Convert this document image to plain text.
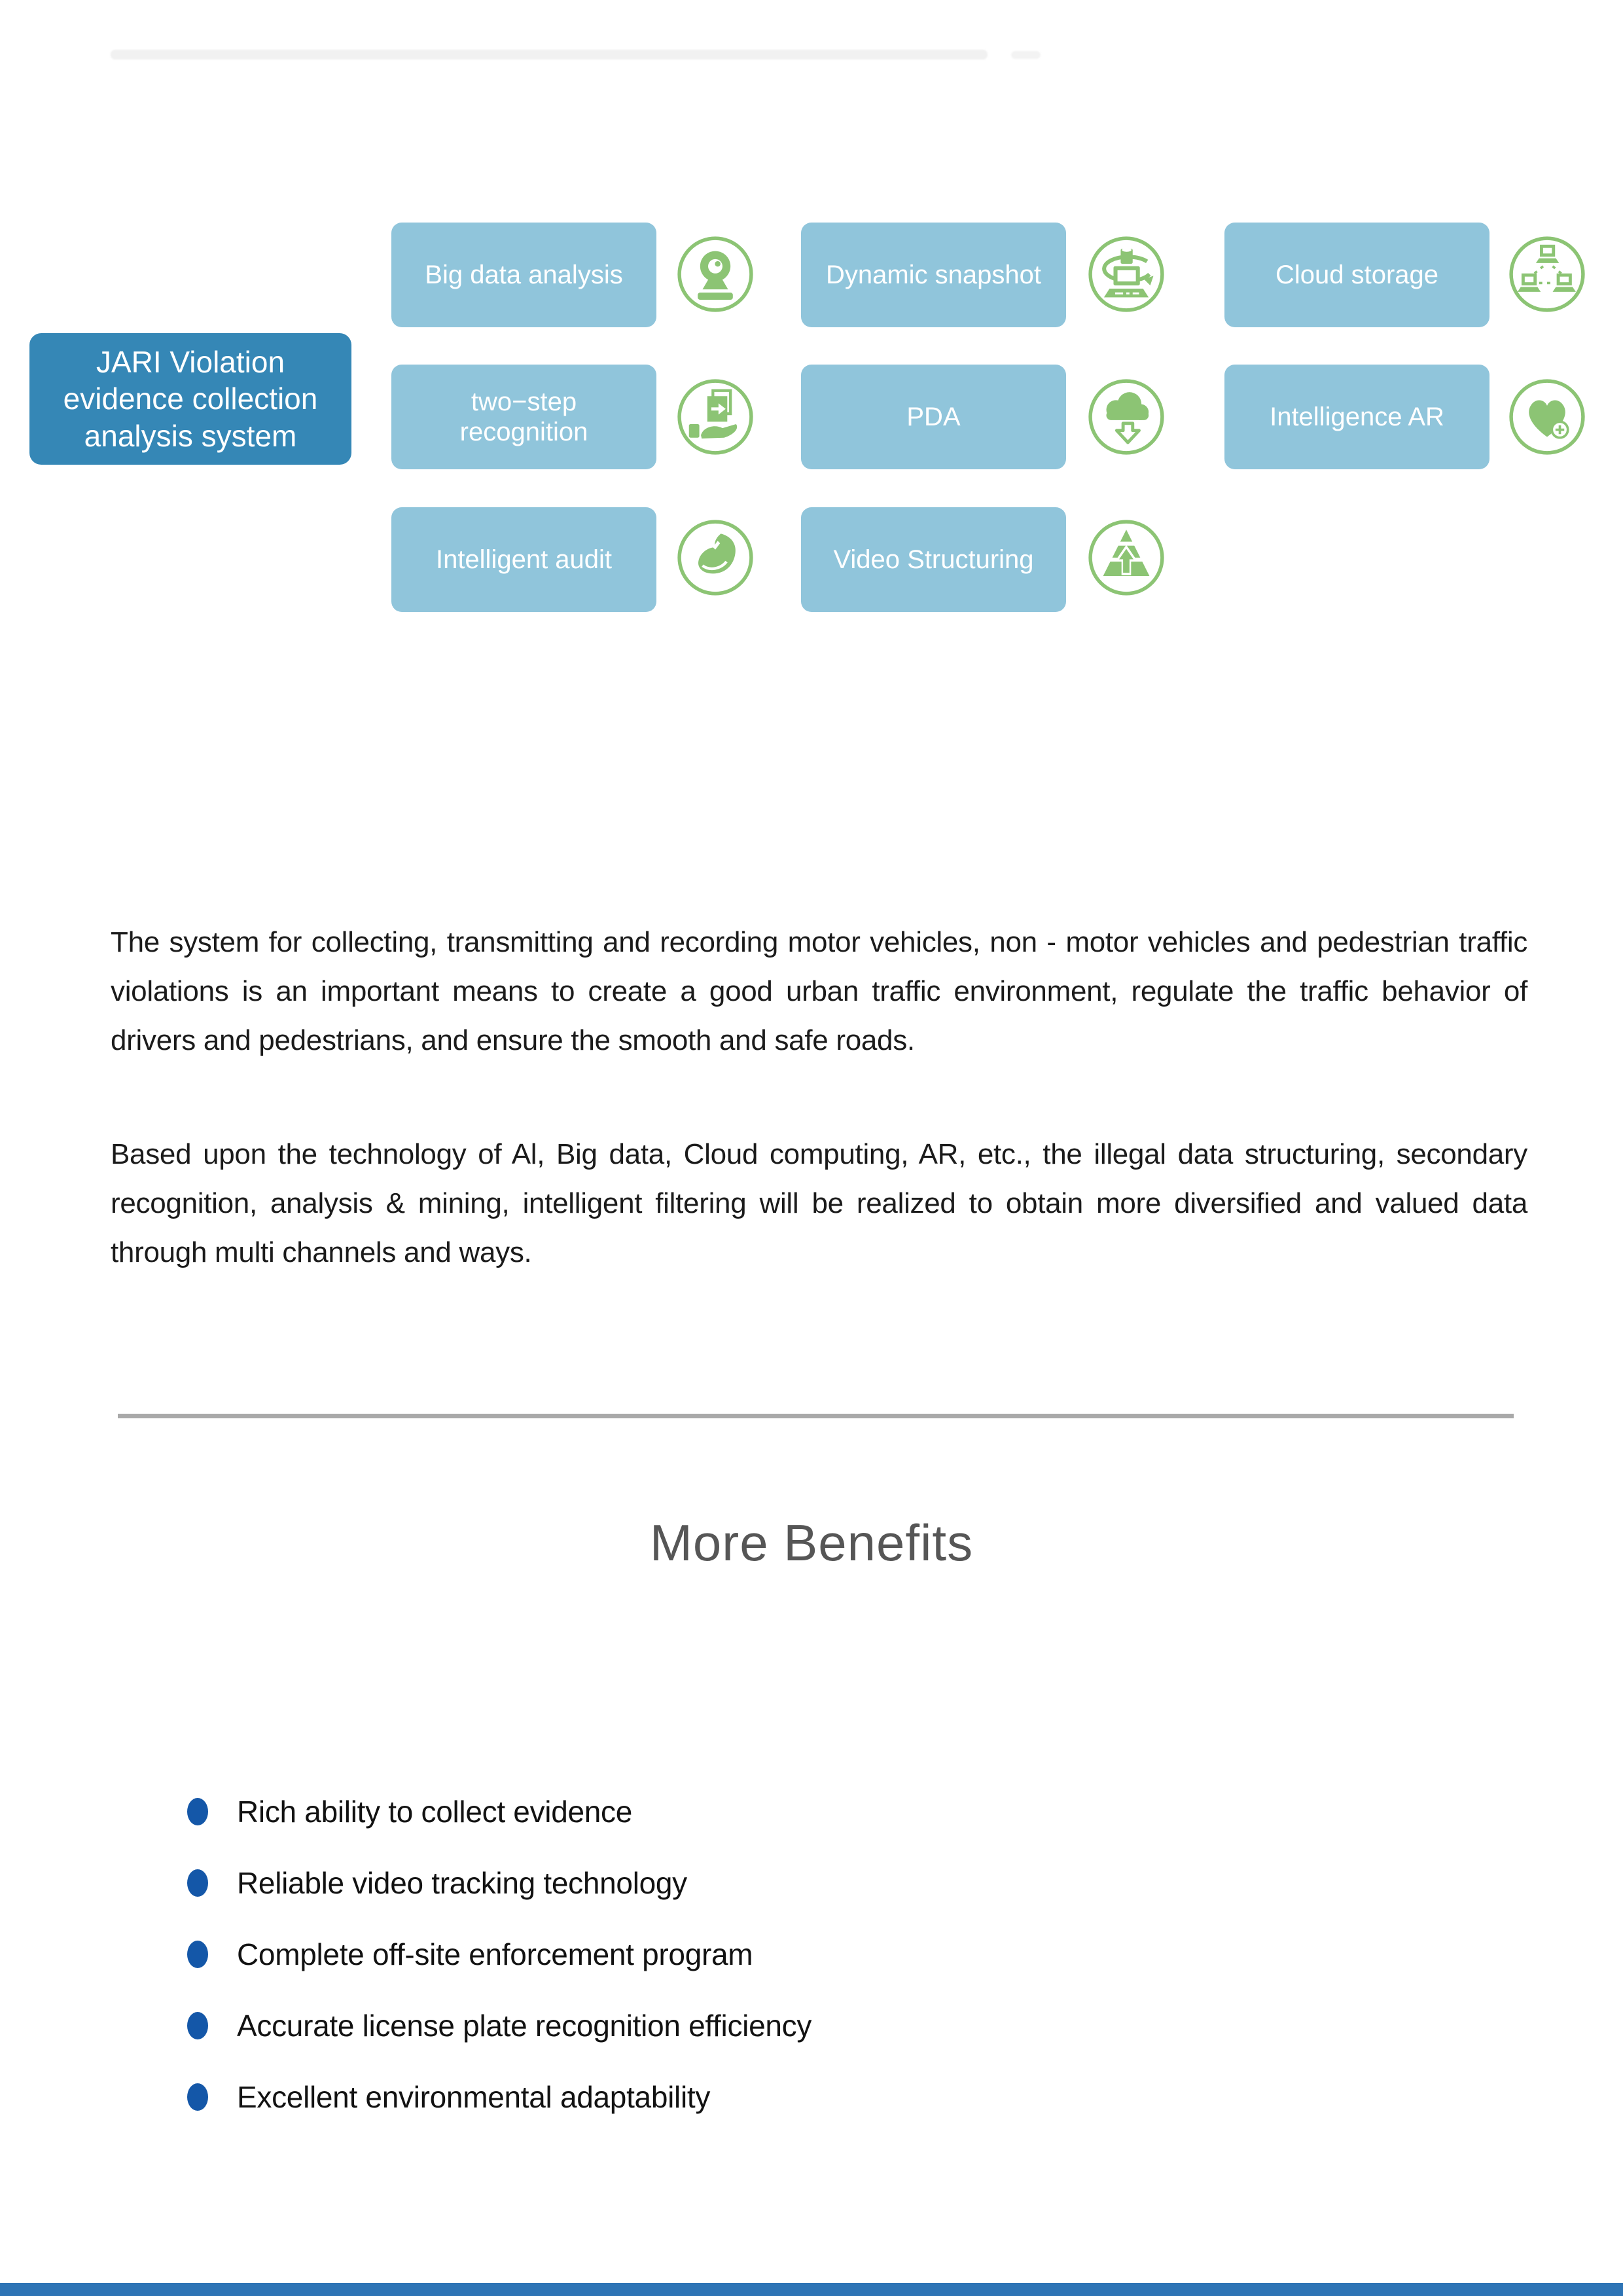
JARI Violation evidence collection analysis system
Big data analysis	Dynamic snapshot	Cloud storage
two−step recognition
PDA	Intelligence AR
Intelligent audit	Video Structuring

The system for collecting, transmitting and recording motor vehicles, non - motor vehicles and pedestrian traffic violations is an important means to create a good urban traffic environment, regulate the traffic behavior of drivers and pedestrians, and ensure the smooth and safe roads.

Based upon the technology of Al, Big data, Cloud computing, AR, etc., the illegal data structuring, secondary recognition, analysis & mining, intelligent filtering will be realized to obtain more diversified and valued data through multi channels and ways.

More Benefits
Rich ability to collect evidence
Reliable video tracking technology
Complete off-site enforcement program
Accurate license plate recognition efficiency
Excellent environmental adaptability
